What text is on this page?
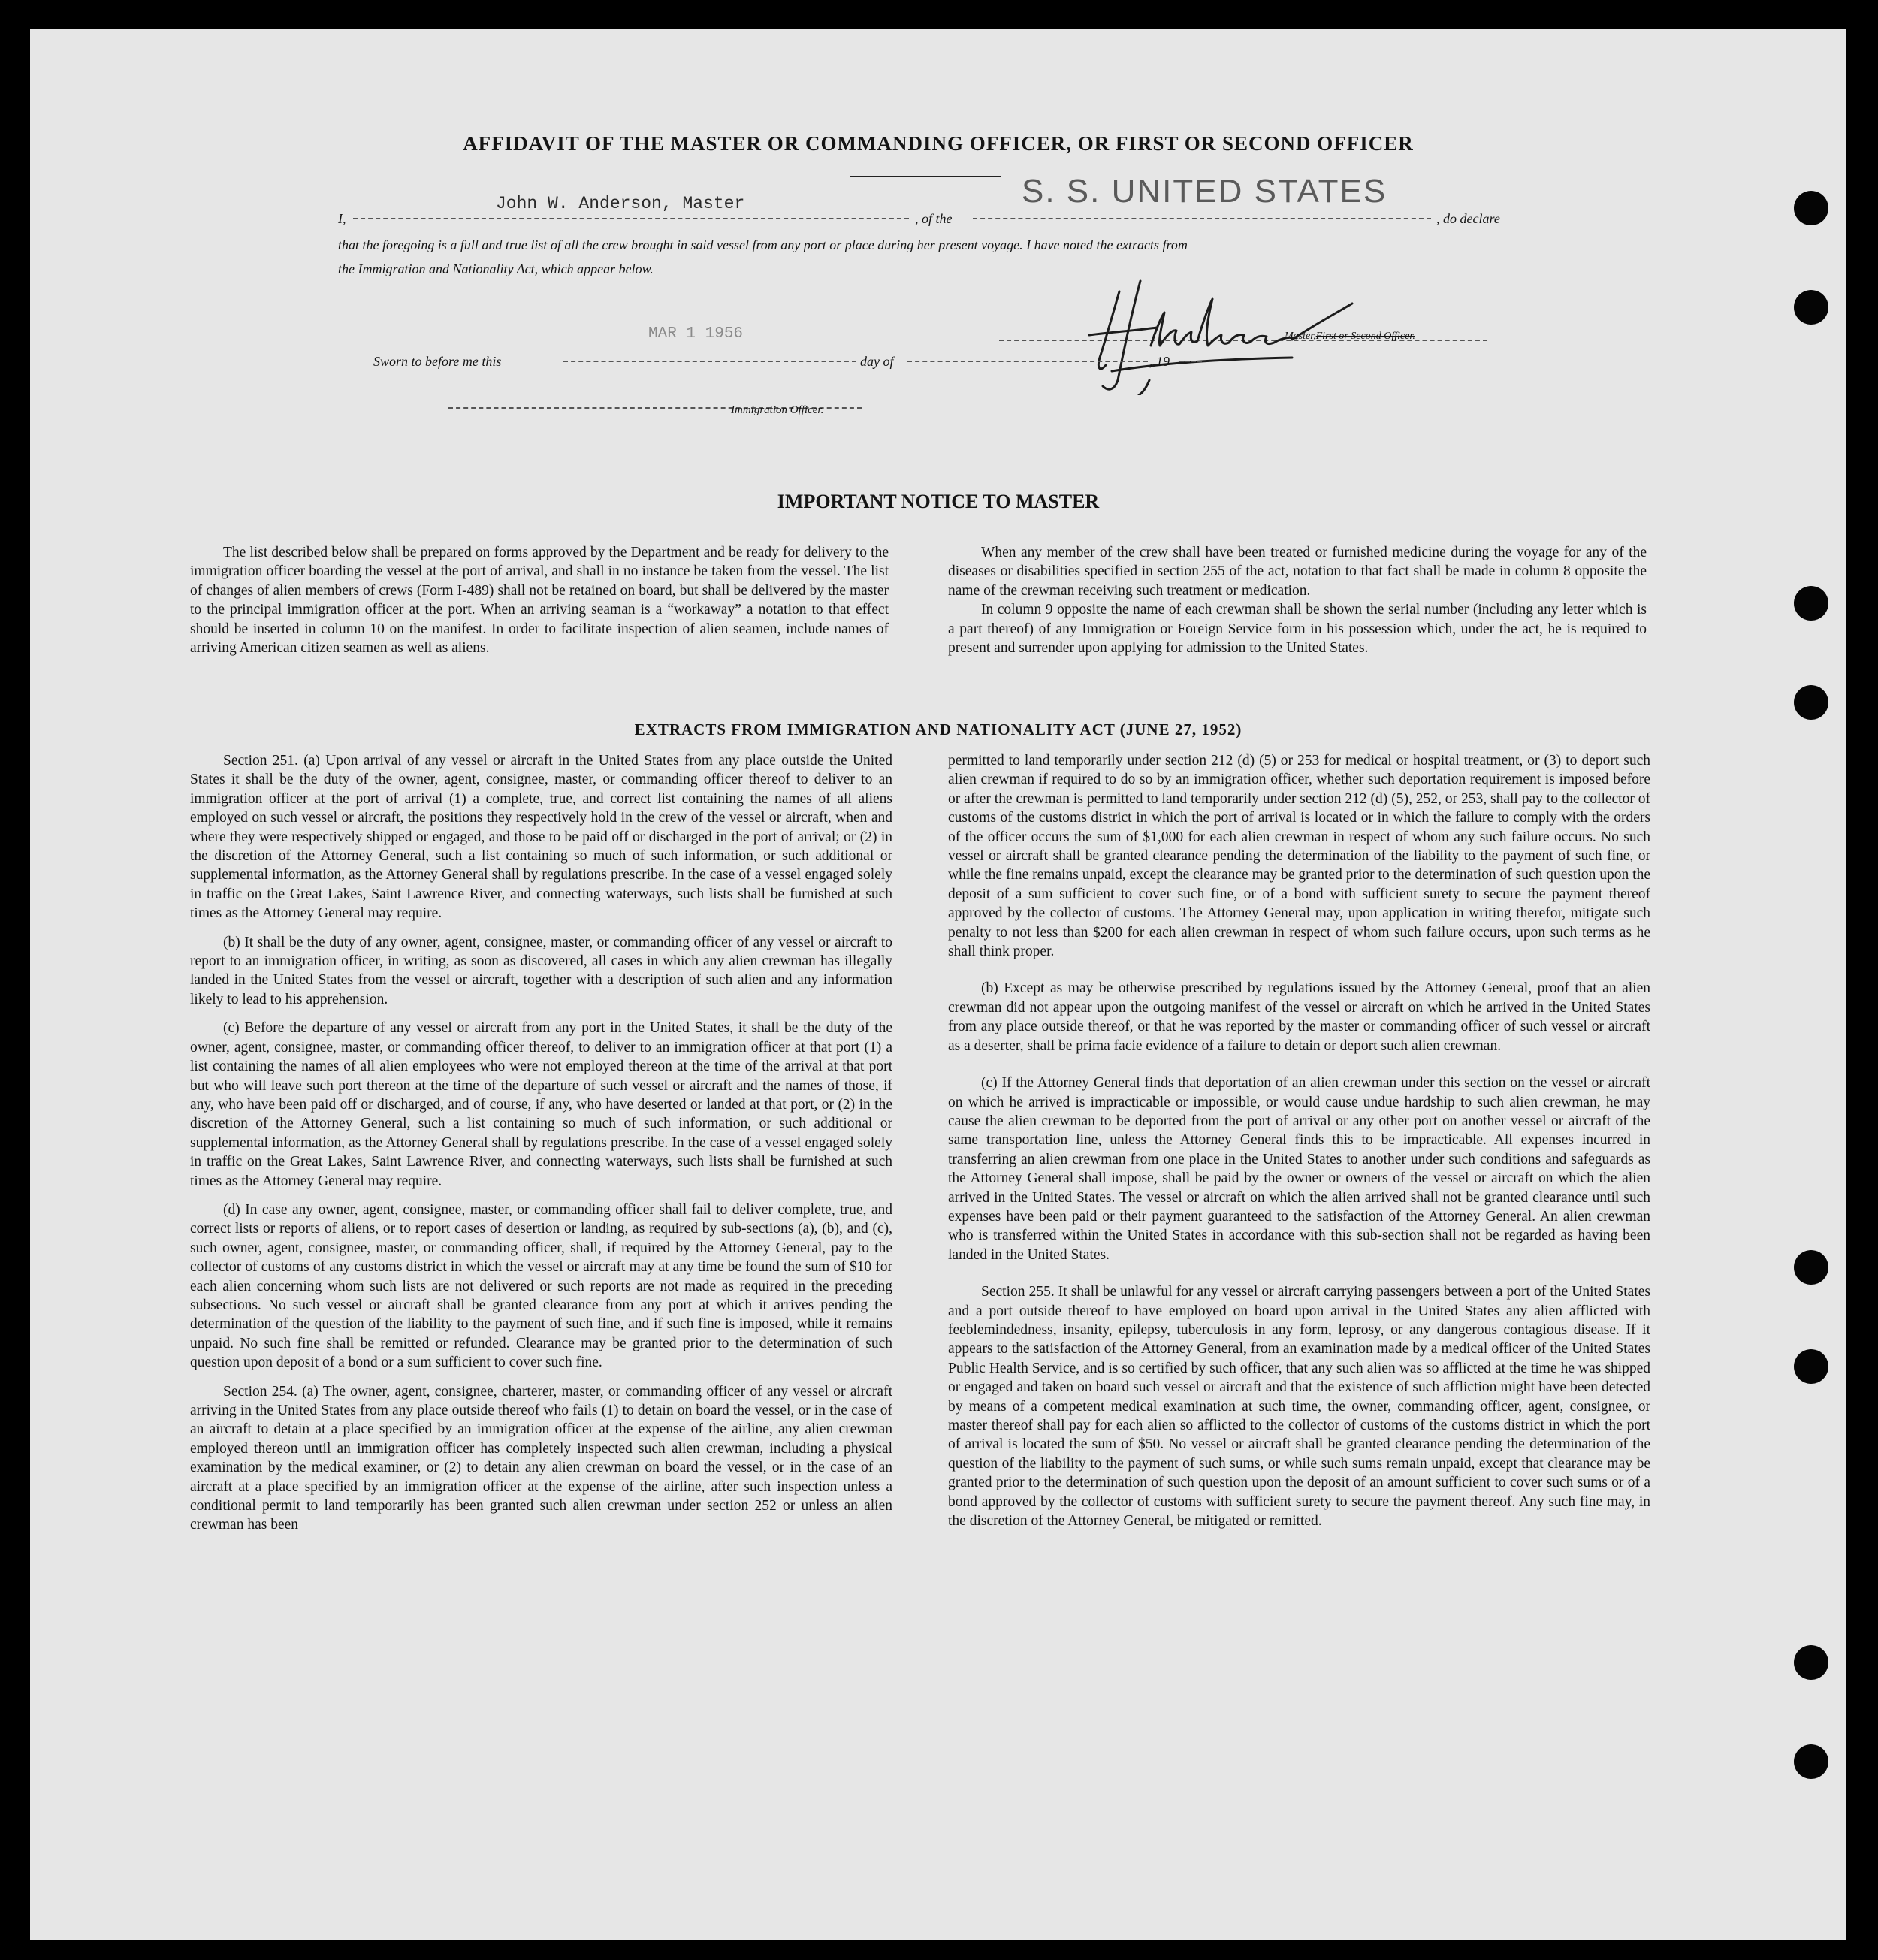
AFFIDAVIT OF THE MASTER OR COMMANDING OFFICER, OR FIRST OR SECOND OFFICER
I,
John W. Anderson, Master
, of the
S. S. UNITED STATES
, do declare
that the foregoing is a full and true list of all the crew brought in said vessel from any port or place during her present voyage. I have noted the extracts from
the Immigration and Nationality Act, which appear below.
Master,First or Second Officer.
MAR 1 1956
Sworn to before me this	day of	, 19
Immigration Officer.
IMPORTANT NOTICE TO MASTER

The list described below shall be prepared on forms approved by the Department and be ready for delivery to the immigration officer boarding the vessel at the port of arrival, and shall in no instance be taken from the vessel. The list of changes of alien members of crews (Form I-489) shall not be retained on board, but shall be delivered by the master to the principal immigration officer at the port. When an arriving seaman is a “workaway” a notation to that effect should be inserted in column 10 on the manifest. In order to facilitate inspection of alien seamen, include names of arriving American citizen seamen as well as aliens.

When any member of the crew shall have been treated or furnished medicine during the voyage for any of the diseases or disabilities specified in section 255 of the act, notation to that fact shall be made in column 8 opposite the name of the crewman receiving such treatment or medication.

In column 9 opposite the name of each crewman shall be shown the serial number (including any letter which is a part thereof) of any Immigration or Foreign Service form in his possession which, under the act, he is required to present and surrender upon applying for admission to the United States.

EXTRACTS FROM IMMIGRATION AND NATIONALITY ACT (JUNE 27, 1952)

Section 251. (a) Upon arrival of any vessel or aircraft in the United States from any place outside the United States it shall be the duty of the owner, agent, consignee, master, or commanding officer thereof to deliver to an immigration officer at the port of arrival (1) a complete, true, and correct list containing the names of all aliens employed on such vessel or aircraft, the positions they respectively hold in the crew of the vessel or aircraft, when and where they were respectively shipped or engaged, and those to be paid off or discharged in the port of arrival; or (2) in the discretion of the Attorney General, such a list containing so much of such information, or such additional or supplemental information, as the Attorney General shall by regulations prescribe. In the case of a vessel engaged solely in traffic on the Great Lakes, Saint Lawrence River, and connecting waterways, such lists shall be furnished at such times as the Attorney General may require.

(b) It shall be the duty of any owner, agent, consignee, master, or commanding officer of any vessel or aircraft to report to an immigration officer, in writing, as soon as discovered, all cases in which any alien crewman has illegally landed in the United States from the vessel or aircraft, together with a description of such alien and any information likely to lead to his apprehension.

(c) Before the departure of any vessel or aircraft from any port in the United States, it shall be the duty of the owner, agent, consignee, master, or commanding officer thereof, to deliver to an immigration officer at that port (1) a list containing the names of all alien employees who were not employed thereon at the time of the arrival at that port but who will leave such port thereon at the time of the departure of such vessel or aircraft and the names of those, if any, who have been paid off or discharged, and of course, if any, who have deserted or landed at that port, or (2) in the discretion of the Attorney General, such a list containing so much of such information, or such additional or supplemental information, as the Attorney General shall by regulations prescribe. In the case of a vessel engaged solely in traffic on the Great Lakes, Saint Lawrence River, and connecting waterways, such lists shall be furnished at such times as the Attorney General may require.

(d) In case any owner, agent, consignee, master, or commanding officer shall fail to deliver complete, true, and correct lists or reports of aliens, or to report cases of desertion or landing, as required by sub-sections (a), (b), and (c), such owner, agent, consignee, master, or commanding officer, shall, if required by the Attorney General, pay to the collector of customs of any customs district in which the vessel or aircraft may at any time be found the sum of $10 for each alien concerning whom such lists are not delivered or such reports are not made as required in the preceding subsections. No such vessel or aircraft shall be granted clearance from any port at which it arrives pending the determination of the question of the liability to the payment of such fine, and if such fine is imposed, while it remains unpaid. No such fine shall be remitted or refunded. Clearance may be granted prior to the determination of such question upon deposit of a bond or a sum sufficient to cover such fine.

Section 254. (a) The owner, agent, consignee, charterer, master, or commanding officer of any vessel or aircraft arriving in the United States from any place outside thereof who fails (1) to detain on board the vessel, or in the case of an aircraft to detain at a place specified by an immigration officer at the expense of the airline, any alien crewman employed thereon until an immigration officer has completely inspected such alien crewman, including a physical examination by the medical examiner, or (2) to detain any alien crewman on board the vessel, or in the case of an aircraft at a place specified by an immigration officer at the expense of the airline, after such inspection unless a conditional permit to land temporarily has been granted such alien crewman under section 252 or unless an alien crewman has been

permitted to land temporarily under section 212 (d) (5) or 253 for medical or hospital treatment, or (3) to deport such alien crewman if required to do so by an immigration officer, whether such deportation requirement is imposed before or after the crewman is permitted to land temporarily under section 212 (d) (5), 252, or 253, shall pay to the collector of customs of the customs district in which the port of arrival is located or in which the failure to comply with the orders of the officer occurs the sum of $1,000 for each alien crewman in respect of whom any such failure occurs. No such vessel or aircraft shall be granted clearance pending the determination of the liability to the payment of such fine, or while the fine remains unpaid, except the clearance may be granted prior to the determination of such question upon the deposit of a sum sufficient to cover such fine, or of a bond with sufficient surety to secure the payment thereof approved by the collector of customs. The Attorney General may, upon application in writing therefor, mitigate such penalty to not less than $200 for each alien crewman in respect of whom such failure occurs, upon such terms as he shall think proper.

(b) Except as may be otherwise prescribed by regulations issued by the Attorney General, proof that an alien crewman did not appear upon the outgoing manifest of the vessel or aircraft on which he arrived in the United States from any place outside thereof, or that he was reported by the master or commanding officer of such vessel or aircraft as a deserter, shall be prima facie evidence of a failure to detain or deport such alien crewman.

(c) If the Attorney General finds that deportation of an alien crewman under this section on the vessel or aircraft on which he arrived is impracticable or impossible, or would cause undue hardship to such alien crewman, he may cause the alien crewman to be deported from the port of arrival or any other port on another vessel or aircraft of the same transportation line, unless the Attorney General finds this to be impracticable. All expenses incurred in transferring an alien crewman from one place in the United States to another under such conditions and safeguards as the Attorney General shall impose, shall be paid by the owner or owners of the vessel or aircraft on which the alien arrived in the United States. The vessel or aircraft on which the alien arrived shall not be granted clearance until such expenses have been paid or their payment guaranteed to the satisfaction of the Attorney General. An alien crewman who is transferred within the United States in accordance with this sub-section shall not be regarded as having been landed in the United States.

Section 255. It shall be unlawful for any vessel or aircraft carrying passengers between a port of the United States and a port outside thereof to have employed on board upon arrival in the United States any alien afflicted with feeblemindedness, insanity, epilepsy, tuberculosis in any form, leprosy, or any dangerous contagious disease. If it appears to the satisfaction of the Attorney General, from an examination made by a medical officer of the United States Public Health Service, and is so certified by such officer, that any such alien was so afflicted at the time he was shipped or engaged and taken on board such vessel or aircraft and that the existence of such affliction might have been detected by means of a competent medical examination at such time, the owner, commanding officer, agent, consignee, or master thereof shall pay for each alien so afflicted to the collector of customs of the customs district in which the port of arrival is located the sum of $50. No vessel or aircraft shall be granted clearance pending the determination of the question of the liability to the payment of such sums, or while such sums remain unpaid, except that clearance may be granted prior to the determination of such question upon the deposit of an amount sufficient to cover such sums or of a bond approved by the collector of customs with sufficient surety to secure the payment thereof. Any such fine may, in the discretion of the Attorney General, be mitigated or remitted.
